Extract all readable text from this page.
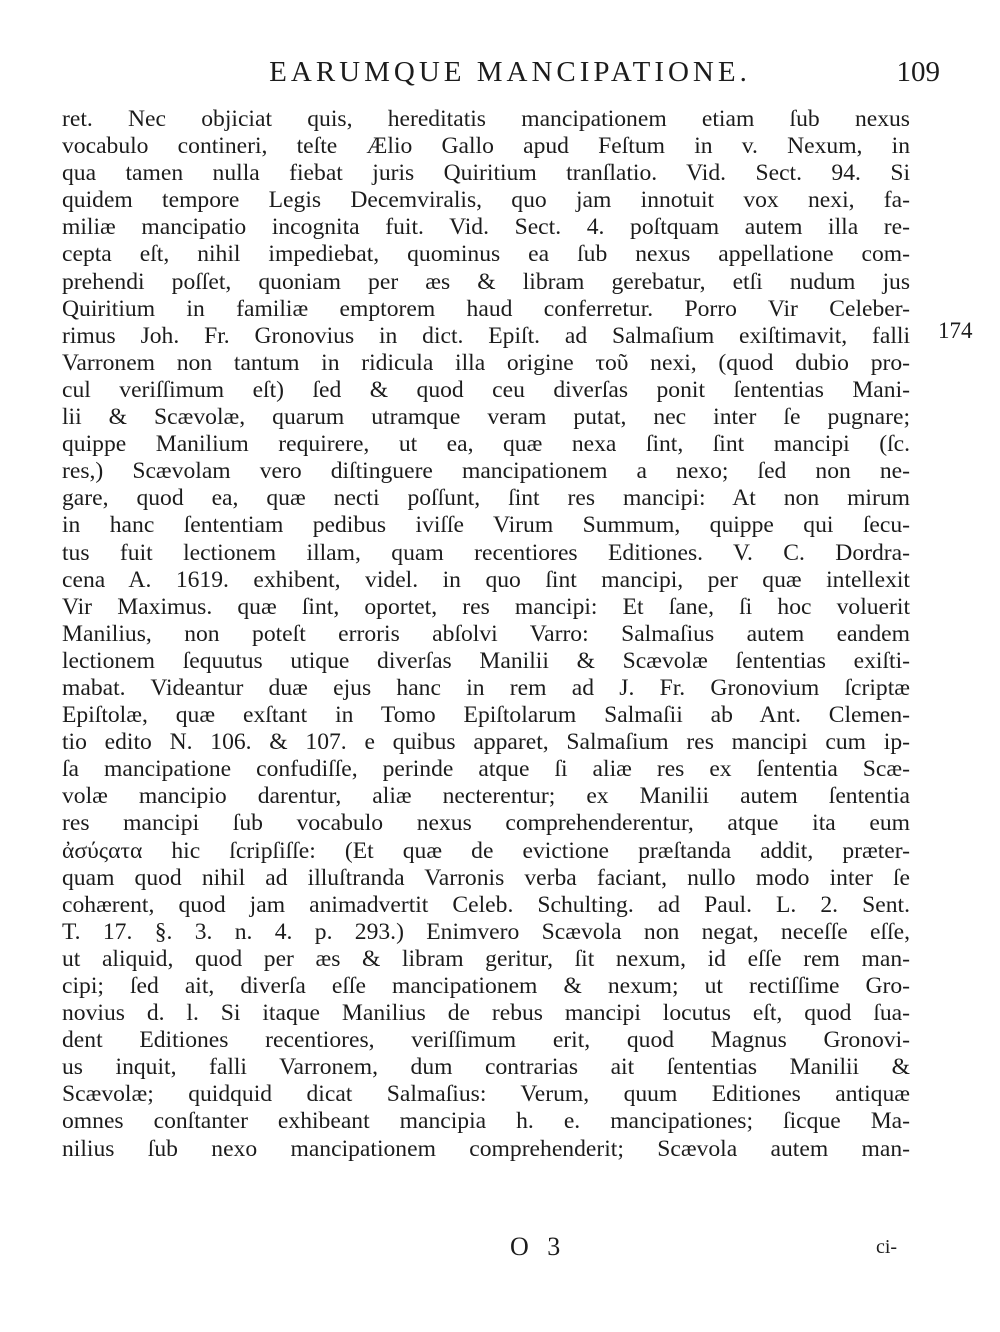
EARUMQUE MANCIPATIONE.	109
ret. Nec objiciat quis, hereditatis mancipationem etiam ſub nexus
vocabulo contineri, teſte Ælio Gallo apud Feſtum in v. Nexum, in
qua tamen nulla fiebat juris Quiritium tranſlatio. Vid. Sect. 94. Si
quidem tempore Legis Decemviralis, quo jam innotuit vox nexi, fa-
miliæ mancipatio incognita fuit. Vid. Sect. 4. poſtquam autem illa re-
cepta eſt, nihil impediebat, quominus ea ſub nexus appellatione com-
prehendi poſſet, quoniam per æs & libram gerebatur, etſi nudum jus
Quiritium in familiæ emptorem haud conferretur. Porro Vir Celeber-
rimus Joh. Fr. Gronovius in dict. Epiſt. ad Salmaſium exiſtimavit, falli
Varronem non tantum in ridicula illa origine τοῦ nexi, (quod dubio pro-
cul veriſſimum eſt) ſed & quod ceu diverſas ponit ſententias Mani-
lii & Scævolæ, quarum utramque veram putat, nec inter ſe pugnare;
quippe Manilium requirere, ut ea, quæ nexa ſint, ſint mancipi (ſc.
res,) Scævolam vero diſtinguere mancipationem a nexo; ſed non ne-
gare, quod ea, quæ necti poſſunt, ſint res mancipi: At non mirum
in hanc ſententiam pedibus iviſſe Virum Summum, quippe qui ſecu-
tus fuit lectionem illam, quam recentiores Editiones. V. C. Dordra-
cena A. 1619. exhibent, videl. in quo ſint mancipi, per quæ intellexit
Vir Maximus. quæ ſint, oportet, res mancipi: Et ſane, ſi hoc voluerit
Manilius, non poteſt erroris abſolvi Varro: Salmaſius autem eandem
lectionem ſequutus utique diverſas Manilii & Scævolæ ſententias exiſti-
mabat. Videantur duæ ejus hanc in rem ad J. Fr. Gronovium ſcriptæ
Epiſtolæ, quæ exſtant in Tomo Epiſtolarum Salmaſii ab Ant. Clemen-
tio edito N. 106. & 107. e quibus apparet, Salmaſium res mancipi cum ip-
ſa mancipatione confudiſſe, perinde atque ſi aliæ res ex ſententia Scæ-
volæ mancipio darentur, aliæ necterentur; ex Manilii autem ſententia
res mancipi ſub vocabulo nexus comprehenderentur, atque ita eum
ἀσύςατα hic ſcripſiſſe: (Et quæ de evictione præſtanda addit, præter-
quam quod nihil ad illuſtranda Varronis verba faciant, nullo modo inter ſe
cohærent, quod jam animadvertit Celeb. Schulting. ad Paul. L. 2. Sent.
T. 17. §. 3. n. 4. p. 293.) Enimvero Scævola non negat, neceſſe eſſe,
ut aliquid, quod per æs & libram geritur, ſit nexum, id eſſe rem man-
cipi; ſed ait, diverſa eſſe mancipationem & nexum; ut rectiſſime Gro-
novius d. l. Si itaque Manilius de rebus mancipi locutus eſt, quod ſua-
dent Editiones recentiores, veriſſimum erit, quod Magnus Gronovi-
us inquit, falli Varronem, dum contrarias ait ſententias Manilii &
Scævolæ; quidquid dicat Salmaſius: Verum, quum Editiones antiquæ
omnes conſtanter exhibeant mancipia h. e. mancipationes; ſicque Ma-
nilius ſub nexo mancipationem comprehenderit; Scævola autem man-
174
O 3	ci-
